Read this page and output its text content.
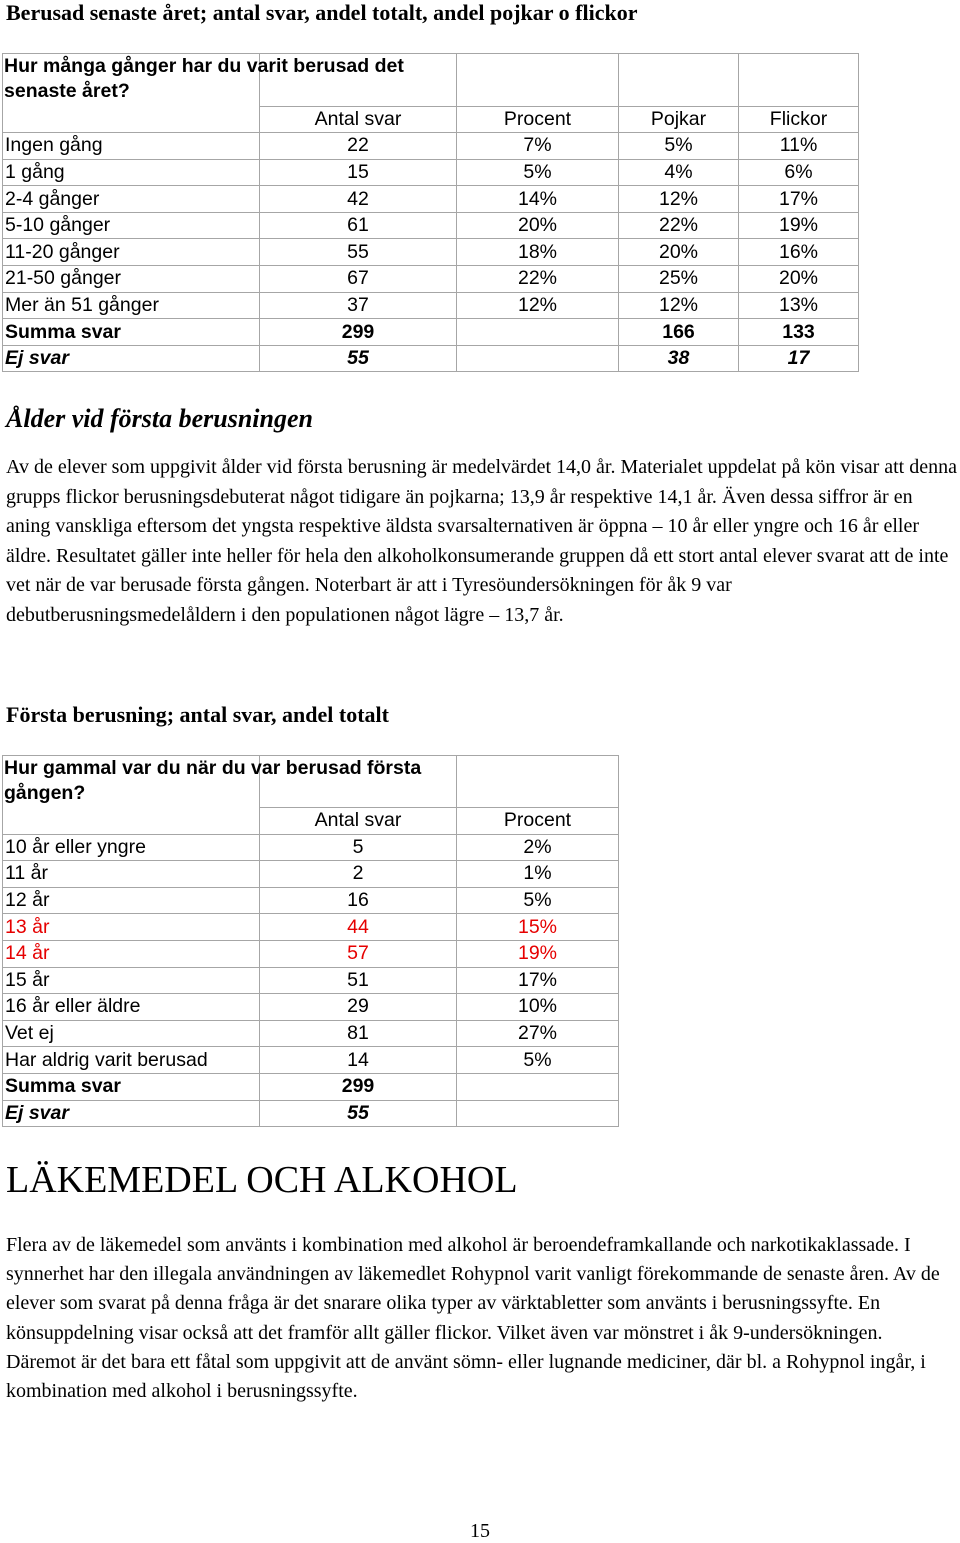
Berusad senaste året; antal svar, andel totalt, andel pojkar o flickor

	Antal svar	Procent	Pojkar	Flickor
Ingen gång	22	7%	5%	11%
1 gång	15	5%	4%	6%
2-4 gånger	42	14%	12%	17%
5-10 gånger	61	20%	22%	19%
11-20 gånger	55	18%	20%	16%
21-50 gånger	67	22%	25%	20%
Mer än 51 gånger	37	12%	12%	13%
Summa svar	299		166	133
Ej svar	55		38	17
Hur många gånger har du varit berusad det senaste året?
Ålder vid första berusningen

Av de elever som uppgivit ålder vid första berusning är medelvärdet 14,0 år. Materialet uppdelat på kön visar att denna grupps flickor berusningsdebuterat något tidigare än pojkarna; 13,9 år respektive 14,1 år. Även dessa siffror är en aning vanskliga eftersom det yngsta respektive äldsta svarsalternativen är öppna – 10 år eller yngre och 16 år eller äldre. Resultatet gäller inte heller för hela den alkoholkonsumerande gruppen då ett stort antal elever svarat att de inte vet när de var berusade första gången. Noterbart är att i Tyresöundersökningen för åk 9 var debutberusningsmedelåldern i den populationen något lägre – 13,7 år.

Första berusning; antal svar, andel totalt

	Antal svar	Procent
10 år eller yngre	5	2%
11 år	2	1%
12 år	16	5%
13 år	44	15%
14 år	57	19%
15 år	51	17%
16 år eller äldre	29	10%
Vet ej	81	27%
Har aldrig varit berusad	14	5%
Summa svar	299	
Ej svar	55	
Hur gammal var du när du var berusad första gången?
LÄKEMEDEL OCH ALKOHOL

Flera av de läkemedel som använts i kombination med alkohol är beroendeframkallande och narkotikaklassade. I synnerhet har den illegala användningen av läkemedlet Rohypnol varit vanligt förekommande de senaste åren. Av de elever som svarat på denna fråga är det snarare olika typer av värktabletter som använts i berusningssyfte. En könsuppdelning visar också att det framför allt gäller flickor. Vilket även var mönstret i åk 9-undersökningen. Däremot är det bara ett fåtal som uppgivit att de använt sömn- eller lugnande mediciner, där bl. a Rohypnol ingår, i kombination med alkohol i berusningssyfte.

15
